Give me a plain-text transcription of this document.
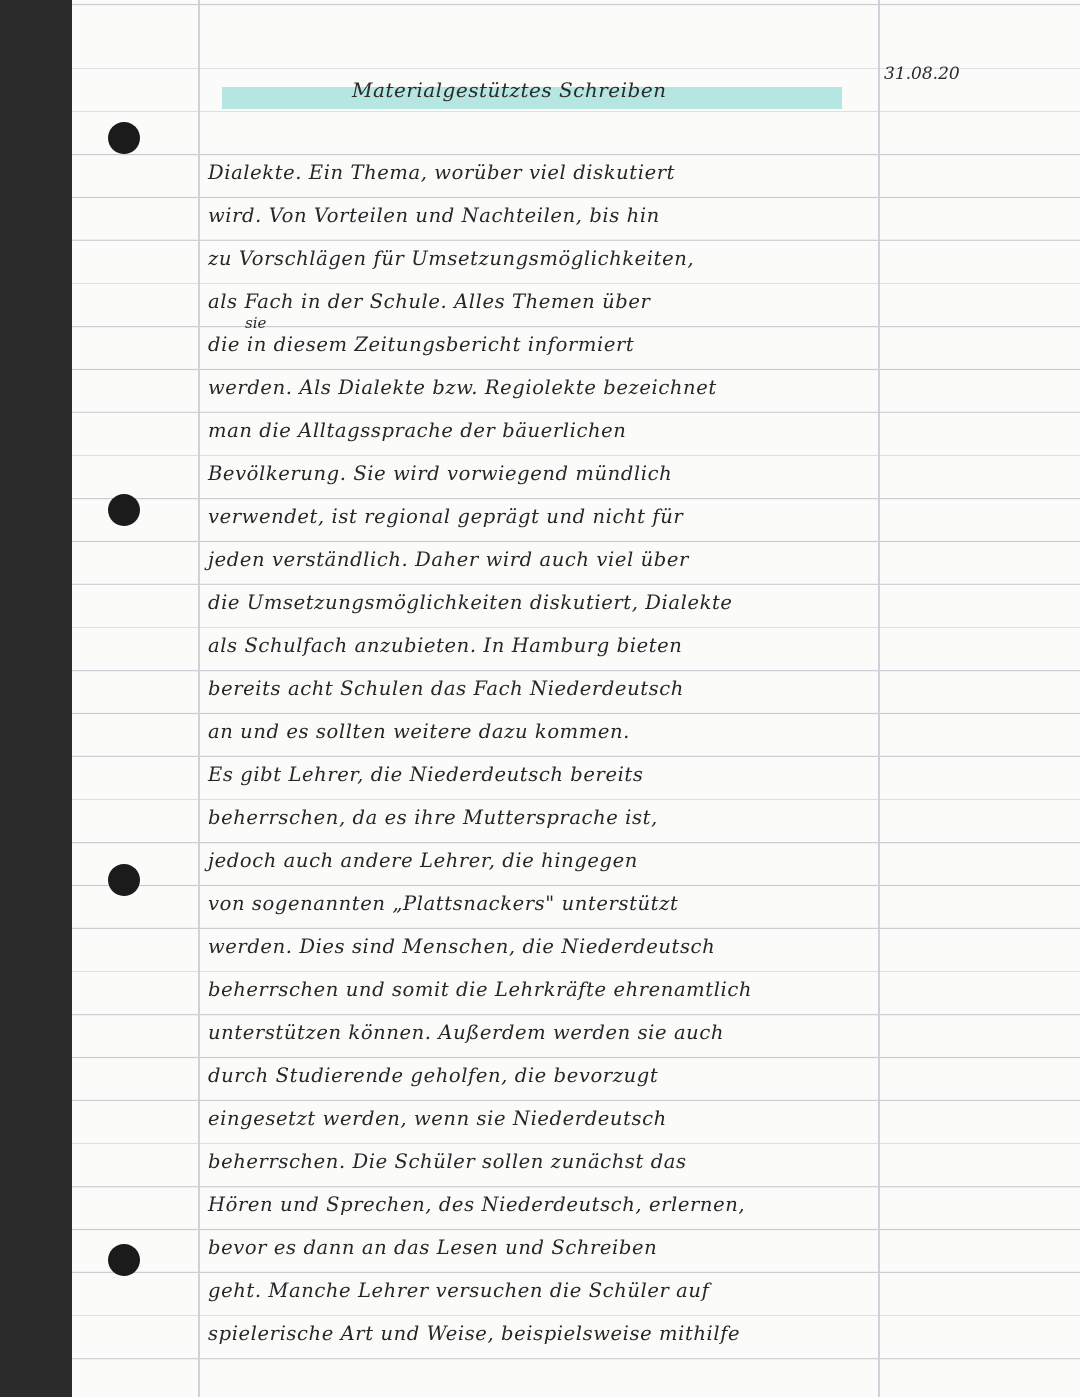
Materialgestütztes Schreiben

31.08.20

sie

Dialekte. Ein Thema, worüber viel diskutiert
wird. Von Vorteilen und Nachteilen, bis hin
zu Vorschlägen für Umsetzungsmöglichkeiten,
als Fach in der Schule. Alles Themen über
die in diesem Zeitungsbericht informiert
werden. Als Dialekte bzw. Regiolekte bezeichnet
man die Alltagssprache der bäuerlichen
Bevölkerung. Sie wird vorwiegend mündlich
verwendet, ist regional geprägt und nicht für
jeden verständlich. Daher wird auch viel über
die Umsetzungsmöglichkeiten diskutiert, Dialekte
als Schulfach anzubieten. In Hamburg bieten
bereits acht Schulen das Fach Niederdeutsch
an und es sollten weitere dazu kommen.
Es gibt Lehrer, die Niederdeutsch bereits
beherrschen, da es ihre Muttersprache ist,
jedoch auch andere Lehrer, die hingegen
von sogenannten „Plattsnackers" unterstützt
werden. Dies sind Menschen, die Niederdeutsch
beherrschen und somit die Lehrkräfte ehrenamtlich
unterstützen können. Außerdem werden sie auch
durch Studierende geholfen, die bevorzugt
eingesetzt werden, wenn sie Niederdeutsch
beherrschen. Die Schüler sollen zunächst das
Hören und Sprechen, des Niederdeutsch, erlernen,
bevor es dann an das Lesen und Schreiben
geht. Manche Lehrer versuchen die Schüler auf
spielerische Art und Weise, beispielsweise mithilfe
